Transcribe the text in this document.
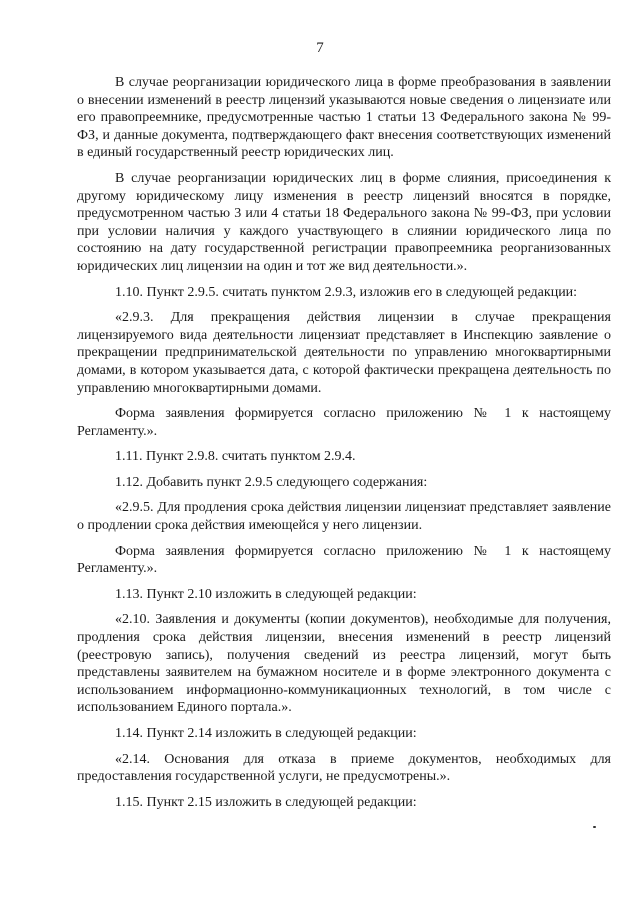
7

В случае реорганизации юридического лица в форме преобразования в заявлении о внесении изменений в реестр лицензий указываются новые сведения о лицензиате или его правопреемнике, предусмотренные частью 1 статьи 13 Федерального закона № 99-ФЗ, и данные документа, подтверждающего факт внесения соответствующих изменений в единый государственный реестр юридических лиц.

В случае реорганизации юридических лиц в форме слияния, присоединения к другому юридическому лицу изменения в реестр лицензий вносятся в порядке, предусмотренном частью 3 или 4 статьи 18 Федерального закона № 99-ФЗ, при условии при условии наличия у каждого участвующего в слиянии юридического лица по состоянию на дату государственной регистрации правопреемника реорганизованных юридических лиц лицензии на один и тот же вид деятельности.».

1.10. Пункт 2.9.5. считать пунктом 2.9.3, изложив его в следующей редакции:

«2.9.3. Для прекращения действия лицензии в случае прекращения лицензируемого вида деятельности лицензиат представляет в Инспекцию заявление о прекращении предпринимательской деятельности по управлению многоквартирными домами, в котором указывается дата, с которой фактически прекращена деятельность по управлению многоквартирными домами.

Форма заявления формируется согласно приложению № 1 к настоящему Регламенту.».

1.11. Пункт 2.9.8. считать пунктом 2.9.4.

1.12. Добавить пункт 2.9.5 следующего содержания:

«2.9.5. Для продления срока действия лицензии лицензиат представляет заявление о продлении срока действия имеющейся у него лицензии.

Форма заявления формируется согласно приложению № 1 к настоящему Регламенту.».

1.13. Пункт 2.10 изложить в следующей редакции:

«2.10. Заявления и документы (копии документов), необходимые для получения, продления срока действия лицензии, внесения изменений в реестр лицензий (реестровую запись), получения сведений из реестра лицензий, могут быть представлены заявителем на бумажном носителе и в форме электронного документа с использованием информационно-коммуникационных технологий, в том числе с использованием Единого портала.».

1.14. Пункт 2.14 изложить в следующей редакции:

«2.14. Основания для отказа в приеме документов, необходимых для предоставления государственной услуги, не предусмотрены.».

1.15. Пункт 2.15 изложить в следующей редакции:
